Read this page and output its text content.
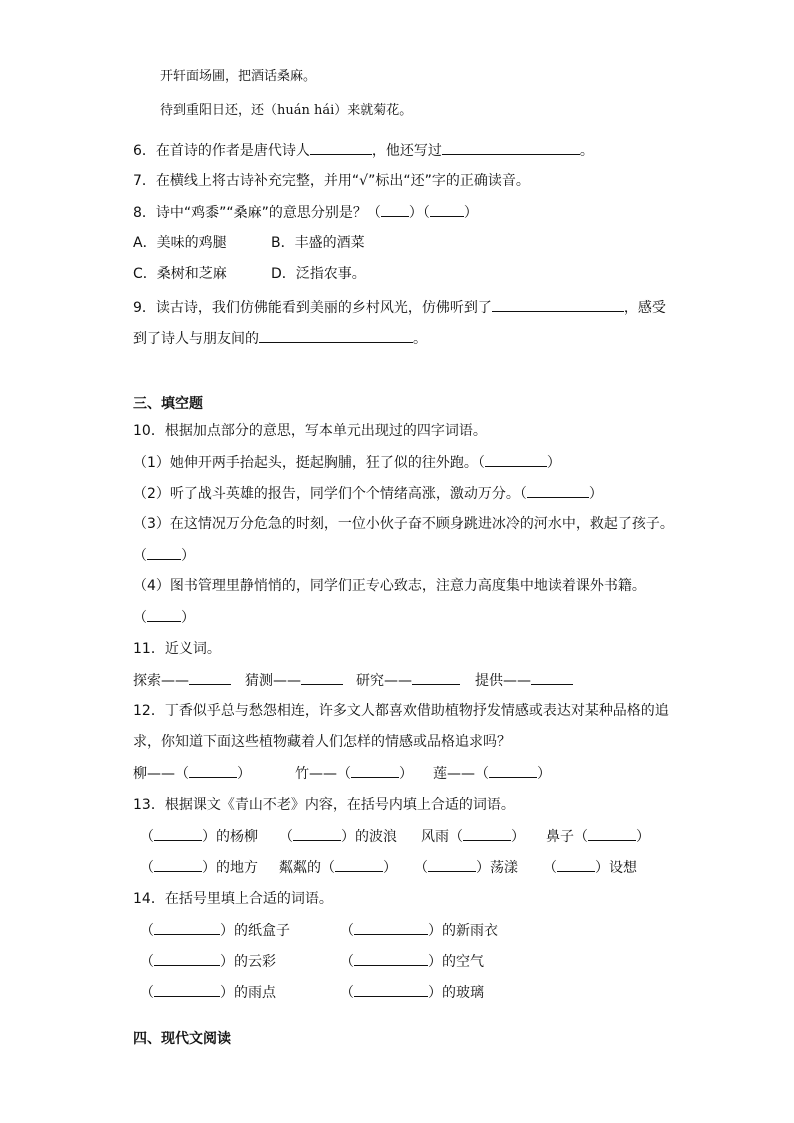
开轩面场圃，把酒话桑麻。
待到重阳日还，还（huán hái）来就菊花。
6．在首诗的作者是唐代诗人	，他还写过	。
7．在横线上将古诗补充完整，并用“√”标出“还”字的正确读音。
8．诗中“鸡黍”“桑麻”的意思分别是？（ ）（ ）
A．美味的鸡腿	B．丰盛的酒菜
C．桑树和芝麻	D．泛指农事。
9．读古诗，我们仿佛能看到美丽的乡村风光，仿佛听到了	，感受
到了诗人与朋友间的	。
三、填空题
10．根据加点部分的意思，写本单元出现过的四字词语。
（1）她伸开两手抬起头，挺起胸脯，狂了似的往外跑。（	）
（2）听了战斗英雄的报告，同学们个个情绪高涨，激动万分。（	）
（3）在这情况万分危急的时刻，一位小伙子奋不顾身跳进冰冷的河水中，救起了孩子。
（ ）
（4）图书管理里静悄悄的，同学们正专心致志，注意力高度集中地读着课外书籍。
（ ）
11．近义词。
探索——	猜测——	研究——	提供——
12．丁香似乎总与愁怨相连，许多文人都喜欢借助植物抒发情感或表达对某种品格的追
求，你知道下面这些植物藏着人们怎样的情感或品格追求吗？
柳——（	）	竹——（	） 莲——（	）
13．根据课文《青山不老》内容，在括号内填上合适的词语。
（	）的杨柳 （	）的波浪 风雨（	） 鼻子（	）
（	）的地方 粼粼的（	） （	）荡漾 （	）设想
14．在括号里填上合适的词语。
（	）的纸盒子	（	）的新雨衣
（	）的云彩	（	）的空气
（	）的雨点	（	）的玻璃
四、现代文阅读
